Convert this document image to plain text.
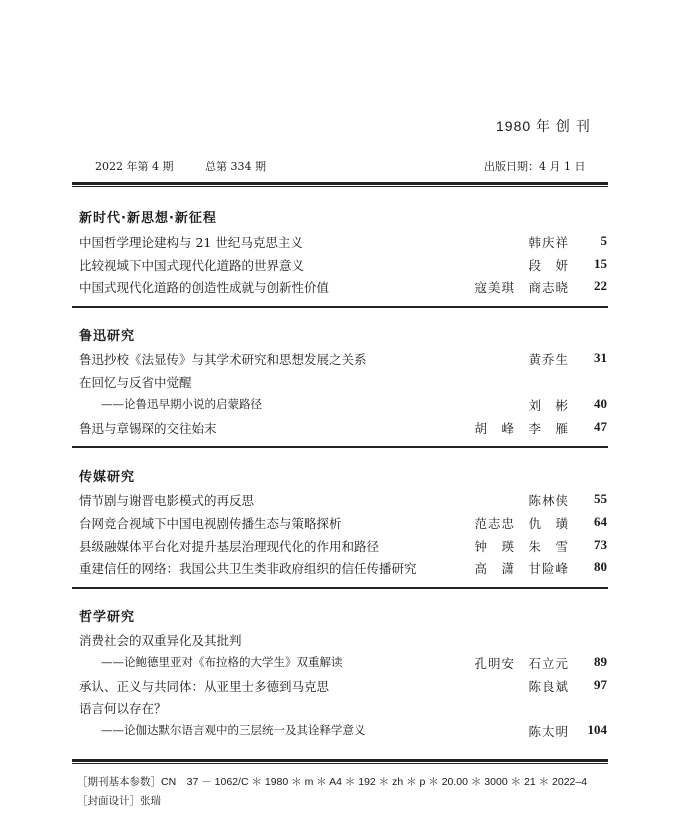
1980 年 创 刊
2022 年第 4 期	总第 334 期	出版日期：4 月 1 日
新时代·新思想·新征程
中国哲学理论建构与 21 世纪马克思主义	韩庆祥	5
比较视域下中国式现代化道路的世界意义	段　妍	15
中国式现代化道路的创造性成就与创新性价值	寇美琪　商志晓	22
鲁迅研究
鲁迅抄校《法显传》与其学术研究和思想发展之关系	黄乔生	31
在回忆与反省中觉醒
——论鲁迅早期小说的启蒙路径	刘　彬	40
鲁迅与章锡琛的交往始末	胡　峰　李　雁	47
传媒研究
情节剧与谢晋电影模式的再反思	陈林侠	55
台网竞合视域下中国电视剧传播生态与策略探析	范志忠　仇　璜	64
县级融媒体平台化对提升基层治理现代化的作用和路径	钟　瑛　朱　雪	73
重建信任的网络：我国公共卫生类非政府组织的信任传播研究	高　潇　甘险峰	80
哲学研究
消费社会的双重异化及其批判
——论鲍德里亚对《布拉格的大学生》双重解读	孔明安　石立元	89
承认、正义与共同体：从亚里士多德到马克思	陈良斌	97
语言何以存在？
——论伽达默尔语言观中的三层统一及其诠释学意义	陈太明	104
［期刊基本参数］CN　37 － 1062/C ＊ 1980 ＊ m ＊ A4 ＊ 192 ＊ zh ＊ p ＊ 20.00 ＊ 3000 ＊ 21 ＊ 2022–4
［封面设计］张瑞
